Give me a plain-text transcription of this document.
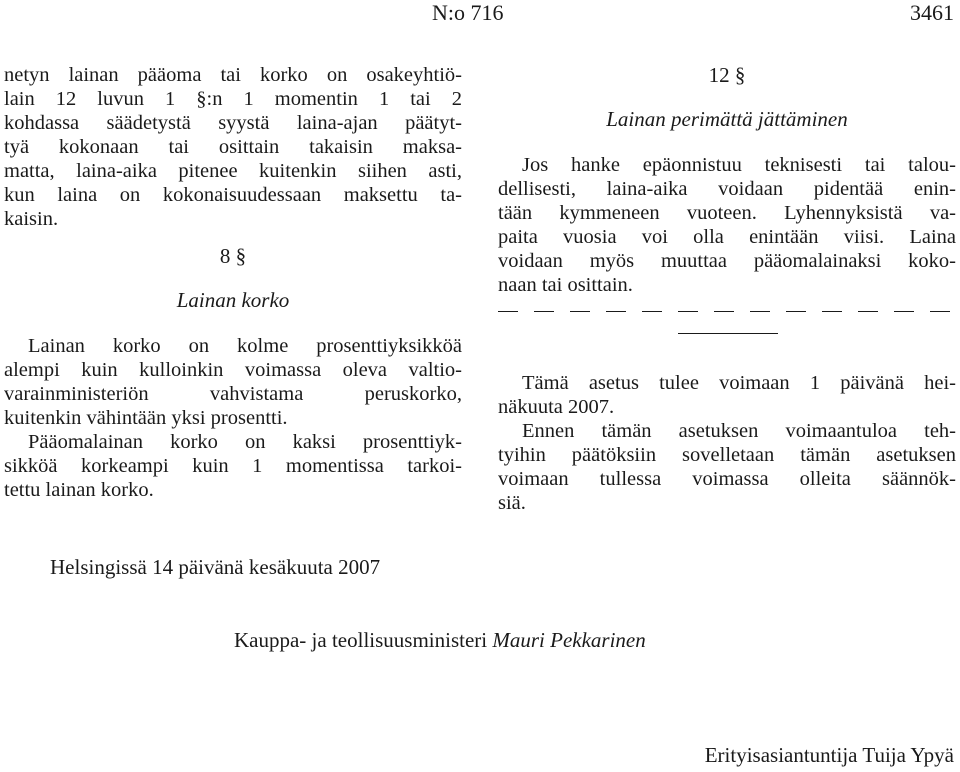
N:o 716	3461
netyn lainan pääoma tai korko on osakeyhtiö-
lain 12 luvun 1 §:n 1 momentin 1 tai 2
kohdassa säädetystä syystä laina-ajan päätyt-
tyä kokonaan tai osittain takaisin maksa-
matta, laina-aika pitenee kuitenkin siihen asti,
kun laina on kokonaisuudessaan maksettu ta-
kaisin.
8 §
Lainan korko
Lainan korko on kolme prosenttiyksikköä
alempi kuin kulloinkin voimassa oleva valtio-
varainministeriön vahvistama peruskorko,
kuitenkin vähintään yksi prosentti.
Pääomalainan korko on kaksi prosenttiyk-
sikköä korkeampi kuin 1 momentissa tarkoi-
tettu lainan korko.
12 §
Lainan perimättä jättäminen
Jos hanke epäonnistuu teknisesti tai talou-
dellisesti, laina-aika voidaan pidentää enin-
tään kymmeneen vuoteen. Lyhennyksistä va-
paita vuosia voi olla enintään viisi. Laina
voidaan myös muuttaa pääomalainaksi koko-
naan tai osittain.
Tämä asetus tulee voimaan 1 päivänä hei-
näkuuta 2007.
Ennen tämän asetuksen voimaantuloa teh-
tyihin päätöksiin sovelletaan tämän asetuksen
voimaan tullessa voimassa olleita säännök-
siä.
Helsingissä 14 päivänä kesäkuuta 2007
Kauppa- ja teollisuusministeri Mauri Pekkarinen
Erityisasiantuntija Tuija Ypyä
